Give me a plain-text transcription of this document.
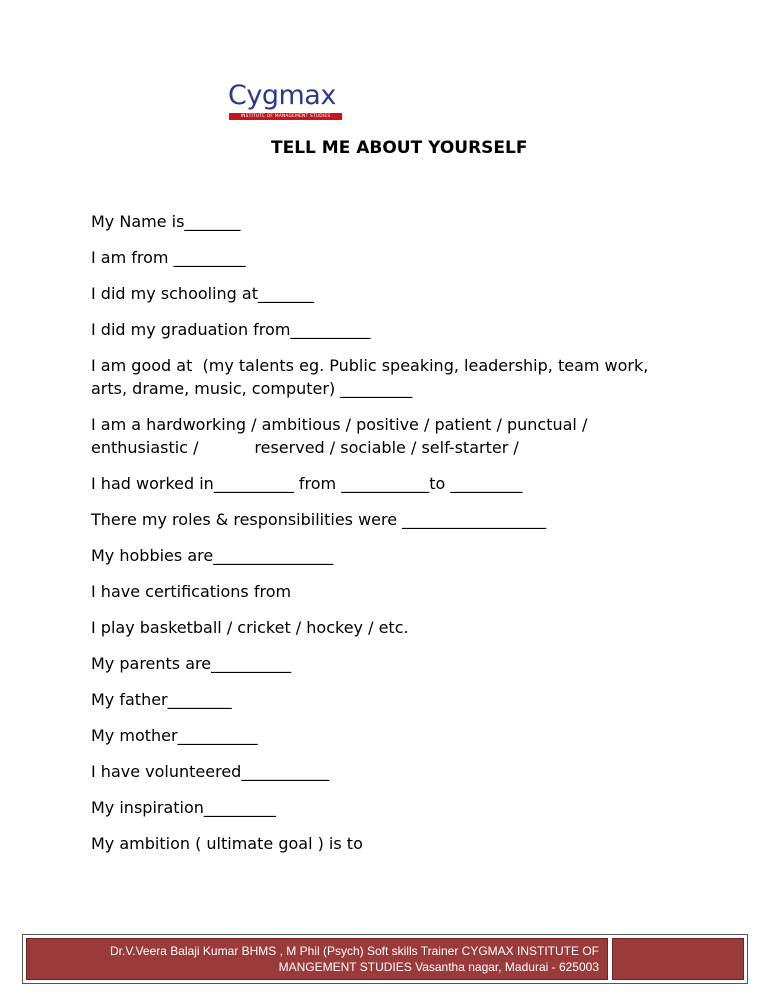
Cygmax
INSTITUTE OF MANAGEMENT STUDIES
TELL ME ABOUT YOURSELF
My Name is_______
I am from _________
I did my schooling at_______
I did my graduation from__________
I am good at  (my talents eg. Public speaking, leadership, team work,
arts, drame, music, computer) _________
I am a hardworking / ambitious / positive / patient / punctual /
enthusiastic /           reserved / sociable / self-starter /
I had worked in__________ from ___________to _________
There my roles & responsibilities were __________________
My hobbies are_______________
I have certifications from
I play basketball / cricket / hockey / etc.
My parents are__________
My father________
My mother__________
I have volunteered___________
My inspiration_________
My ambition ( ultimate goal ) is to
Dr.V.Veera Balaji Kumar BHMS , M Phil (Psych) Soft skills Trainer CYGMAX INSTITUTE OF
MANGEMENT STUDIES Vasantha nagar, Madurai - 625003
